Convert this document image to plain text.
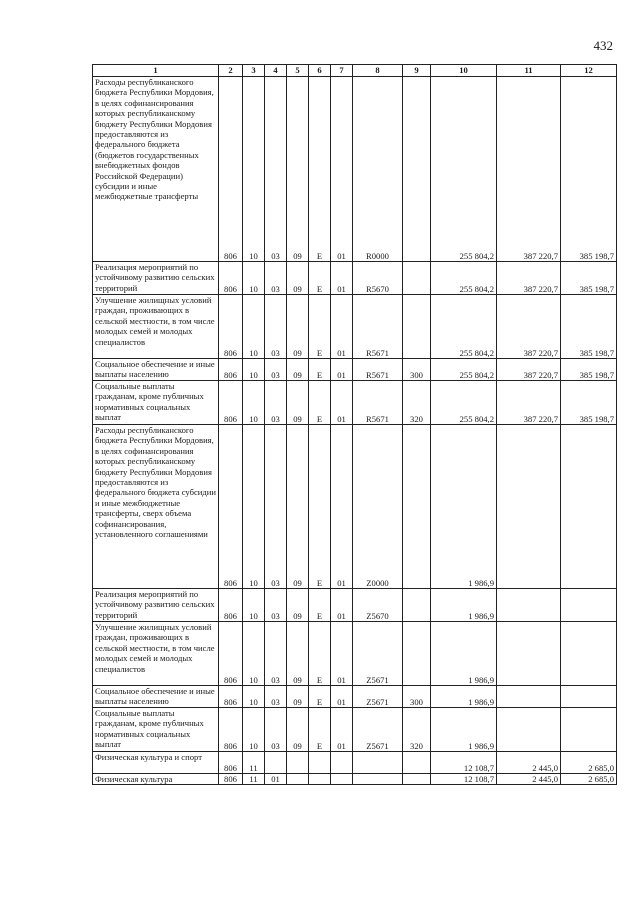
432
1	2	3	4	5	6	7	8	9	10	11	12
Расходы республиканского бюджета Республики Мордовия, в целях софинансирования которых республиканскому бюджету Республики Мордовия предоставляются из федерального бюджета (бюджетов государственных внебюджетных фондов Российской Федерации) субсидии и иные межбюджетные трансферты	806	10	03	09	Е	01	R0000		255 804,2	387 220,7	385 198,7
Реализация мероприятий по устойчивому развитию сельских территорий	806	10	03	09	Е	01	R5670		255 804,2	387 220,7	385 198,7
Улучшение жилищных условий граждан, проживающих в сельской местности, в том числе молодых семей и молодых специалистов	806	10	03	09	Е	01	R5671		255 804,2	387 220,7	385 198,7
Социальное обеспечение и иные выплаты населению	806	10	03	09	Е	01	R5671	300	255 804,2	387 220,7	385 198,7
Социальные выплаты гражданам, кроме публичных нормативных социальных выплат	806	10	03	09	Е	01	R5671	320	255 804,2	387 220,7	385 198,7
Расходы республиканского бюджета Республики Мордовия, в целях софинансирования которых республиканскому бюджету Республики Мордовия предоставляются из федерального бюджета субсидии и иные межбюджетные трансферты, сверх объема софинансирования, установленного соглашениями	806	10	03	09	Е	01	Z0000		1 986,9		
Реализация мероприятий по устойчивому развитию сельских территорий	806	10	03	09	Е	01	Z5670		1 986,9		
Улучшение жилищных условий граждан, проживающих в сельской местности, в том числе молодых семей и молодых специалистов	806	10	03	09	Е	01	Z5671		1 986,9		
Социальное обеспечение и иные выплаты населению	806	10	03	09	Е	01	Z5671	300	1 986,9		
Социальные выплаты гражданам, кроме публичных нормативных социальных выплат	806	10	03	09	Е	01	Z5671	320	1 986,9		
Физическая культура и спорт	806	11							12 108,7	2 445,0	2 685,0
Физическая культура	806	11	01						12 108,7	2 445,0	2 685,0
